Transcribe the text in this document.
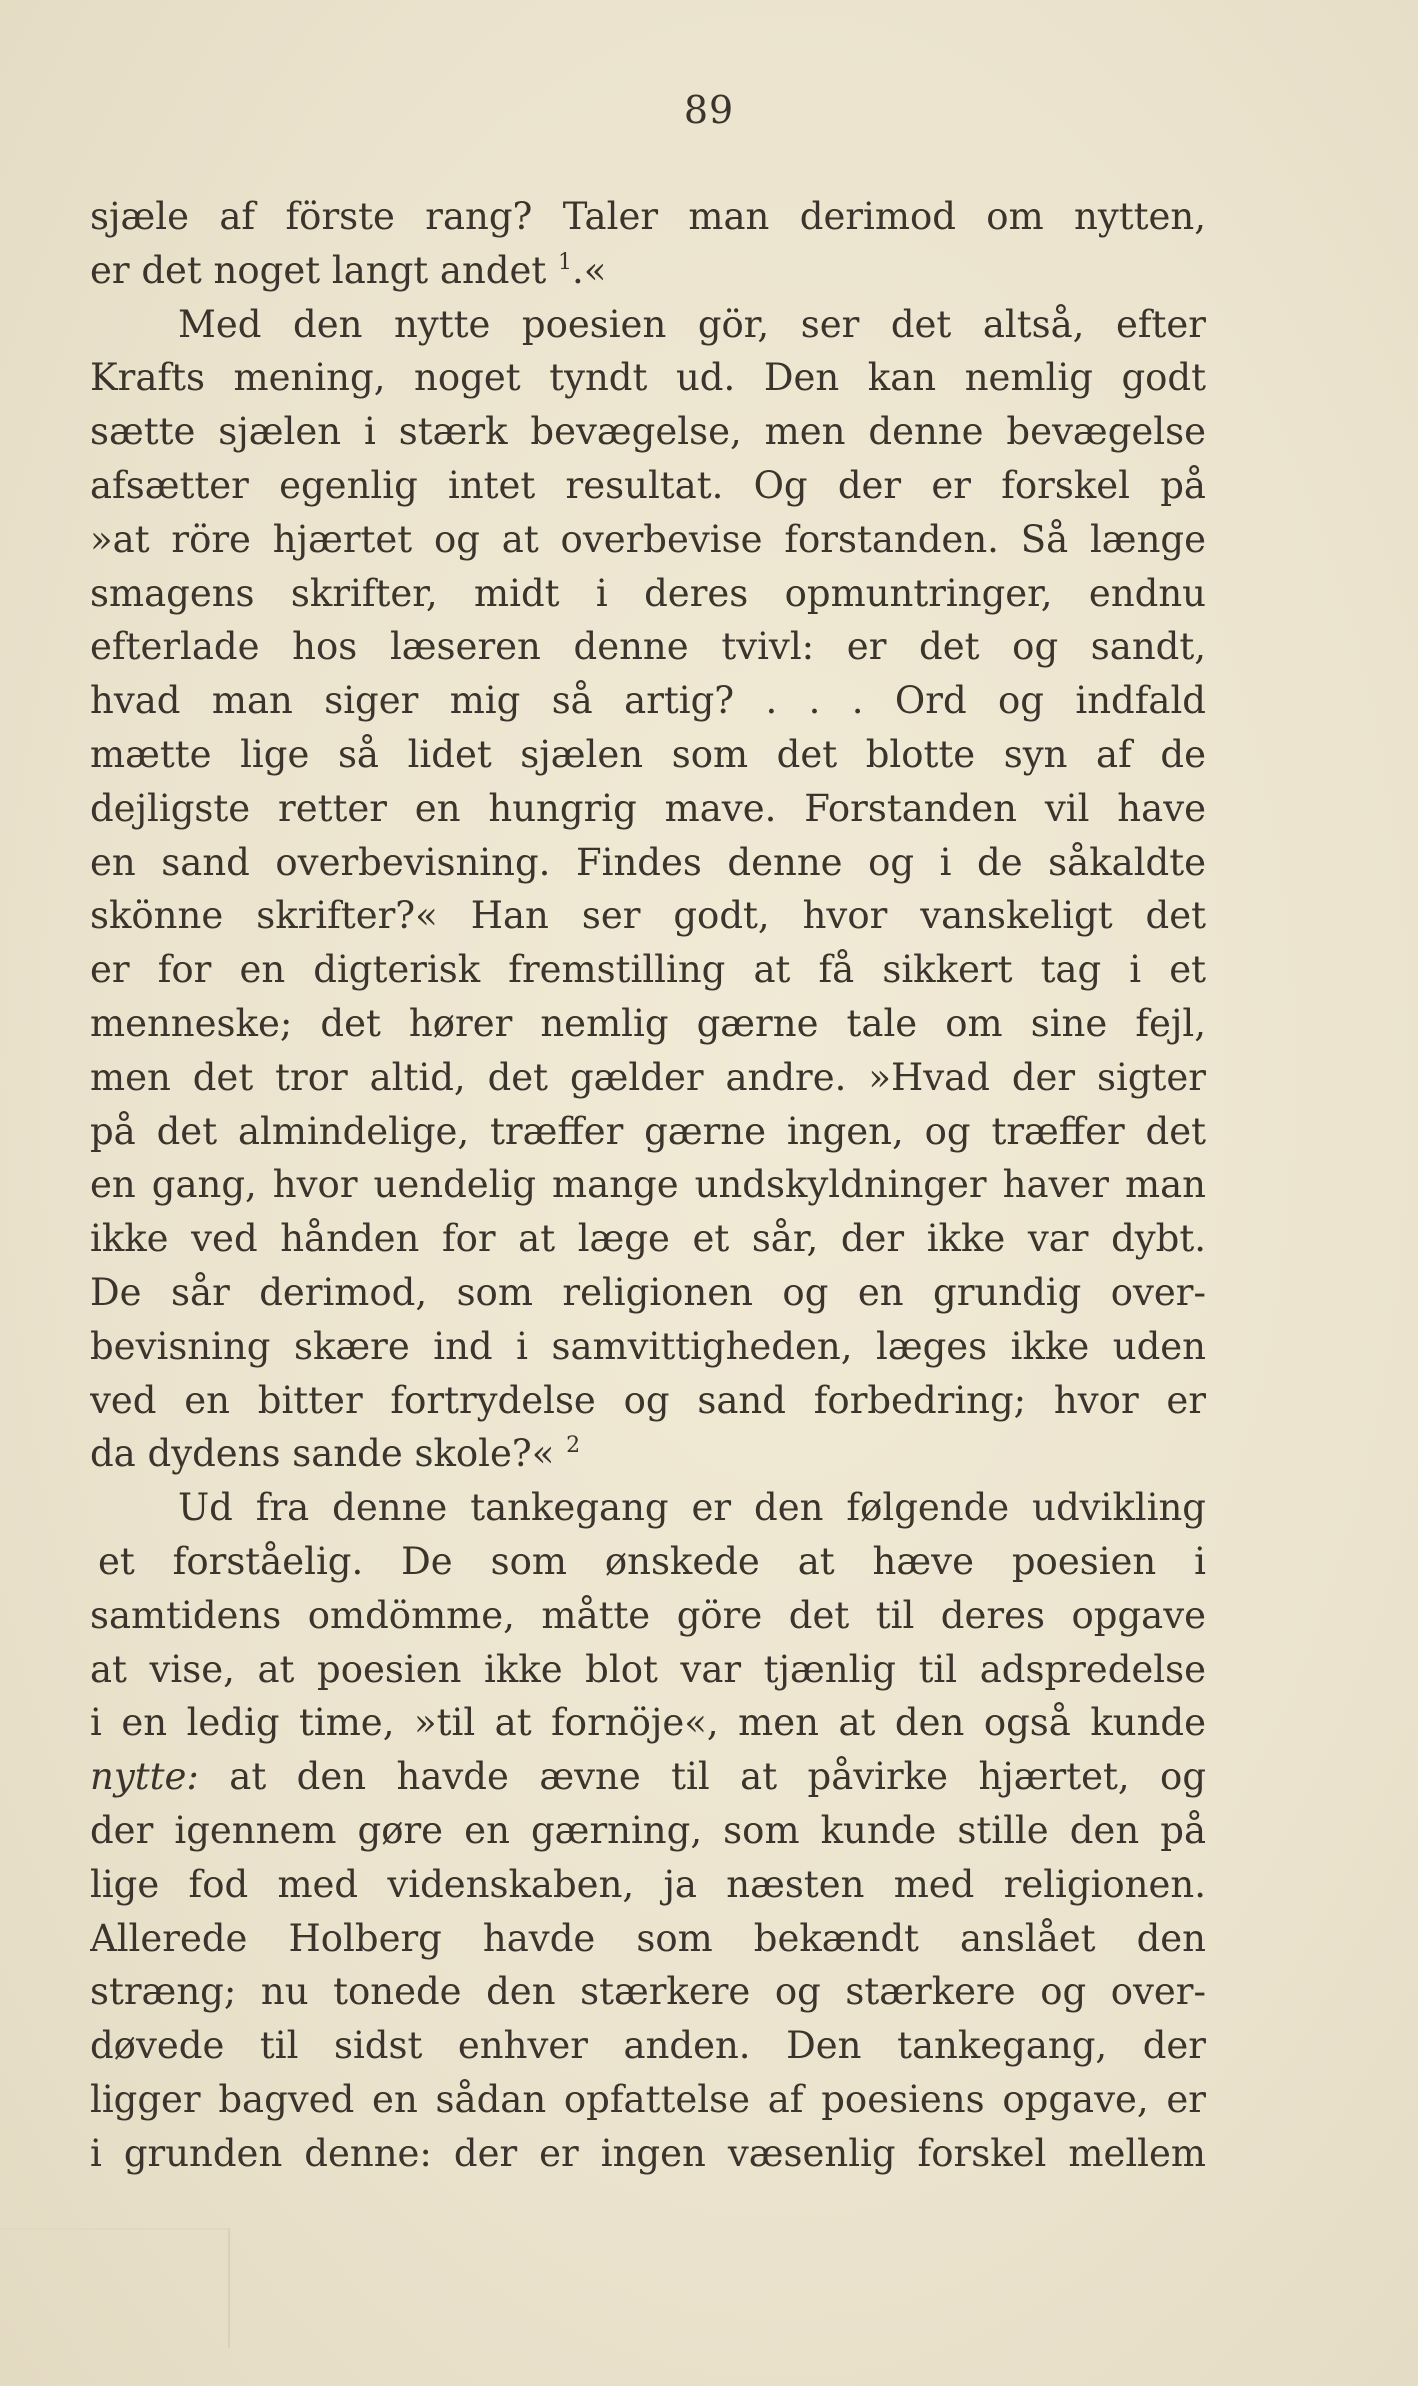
89
sjæle af förste rang? Taler man derimod om nytten,
er det noget langt andet $^1$.«
Med den nytte poesien gör, ser det altså, efter
Krafts mening, noget tyndt ud. Den kan nemlig godt
sætte sjælen i stærk bevægelse, men denne bevægelse
afsætter egenlig intet resultat. Og der er forskel på
»at röre hjærtet og at overbevise forstanden. Så længe
smagens skrifter, midt i deres opmuntringer, endnu
efterlade hos læseren denne tvivl: er det og sandt,
hvad man siger mig så artig? . . . Ord og indfald
mætte lige så lidet sjælen som det blotte syn af de
dejligste retter en hungrig mave. Forstanden vil have
en sand overbevisning. Findes denne og i de såkaldte
skönne skrifter?« Han ser godt, hvor vanskeligt det
er for en digterisk fremstilling at få sikkert tag i et
menneske; det hører nemlig gærne tale om sine fejl,
men det tror altid, det gælder andre. »Hvad der sigter
på det almindelige, træffer gærne ingen, og træffer det
en gang, hvor uendelig mange undskyldninger haver man
ikke ved hånden for at læge et sår, der ikke var dybt.
De sår derimod, som religionen og en grundig over-
bevisning skære ind i samvittigheden, læges ikke uden
ved en bitter fortrydelse og sand forbedring; hvor er
da dydens sande skole?« $^2$
Ud fra denne tankegang er den følgende udvikling
et forståelig. De som ønskede at hæve poesien i
samtidens omdömme, måtte göre det til deres opgave
at vise, at poesien ikke blot var tjænlig til adspredelse
i en ledig time, »til at fornöje«, men at den også kunde
nytte: at den havde ævne til at påvirke hjærtet, og
der igennem gøre en gærning, som kunde stille den på
lige fod med videnskaben, ja næsten med religionen.
Allerede Holberg havde som bekændt anslået den
stræng; nu tonede den stærkere og stærkere og over-
døvede til sidst enhver anden. Den tankegang, der
ligger bagved en sådan opfattelse af poesiens opgave, er
i grunden denne: der er ingen væsenlig forskel mellem
